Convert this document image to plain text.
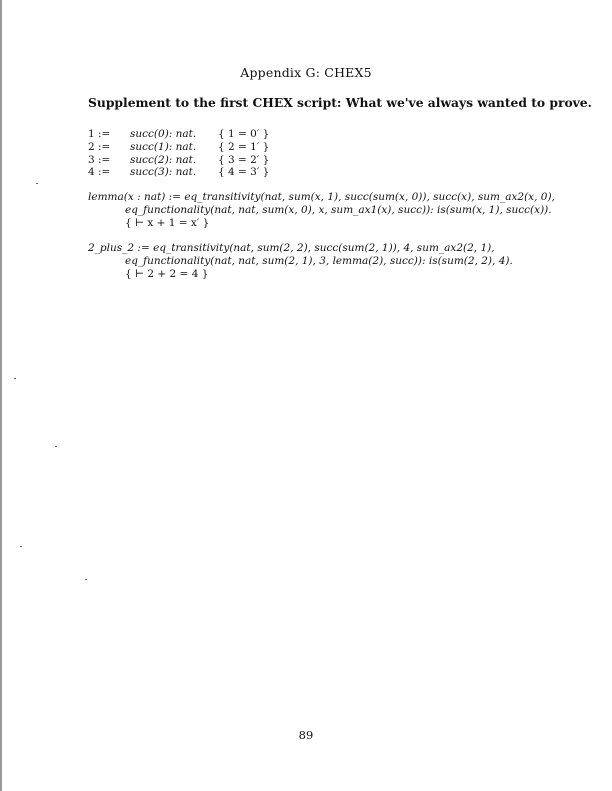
Appendix G: CHEX5
Supplement to the first CHEX script: What we've always wanted to prove.
1 := succ(0): nat. { 1 = 0′ }
2 := succ(1): nat. { 2 = 1′ }
3 := succ(2): nat. { 3 = 2′ }
4 := succ(3): nat. { 4 = 3′ }
lemma(x : nat) := eq_transitivity(nat, sum(x, 1), succ(sum(x, 0)), succ(x), sum_ax2(x, 0),
eq_functionality(nat, nat, sum(x, 0), x, sum_ax1(x), succ)): is(sum(x, 1), succ(x)).
{ ⊢ x + 1 = x′ }
2_plus_2 := eq_transitivity(nat, sum(2, 2), succ(sum(2, 1)), 4, sum_ax2(2, 1),
eq_functionality(nat, nat, sum(2, 1), 3, lemma(2), succ)): is(sum(2, 2), 4).
{ ⊢ 2 + 2 = 4 }
89
